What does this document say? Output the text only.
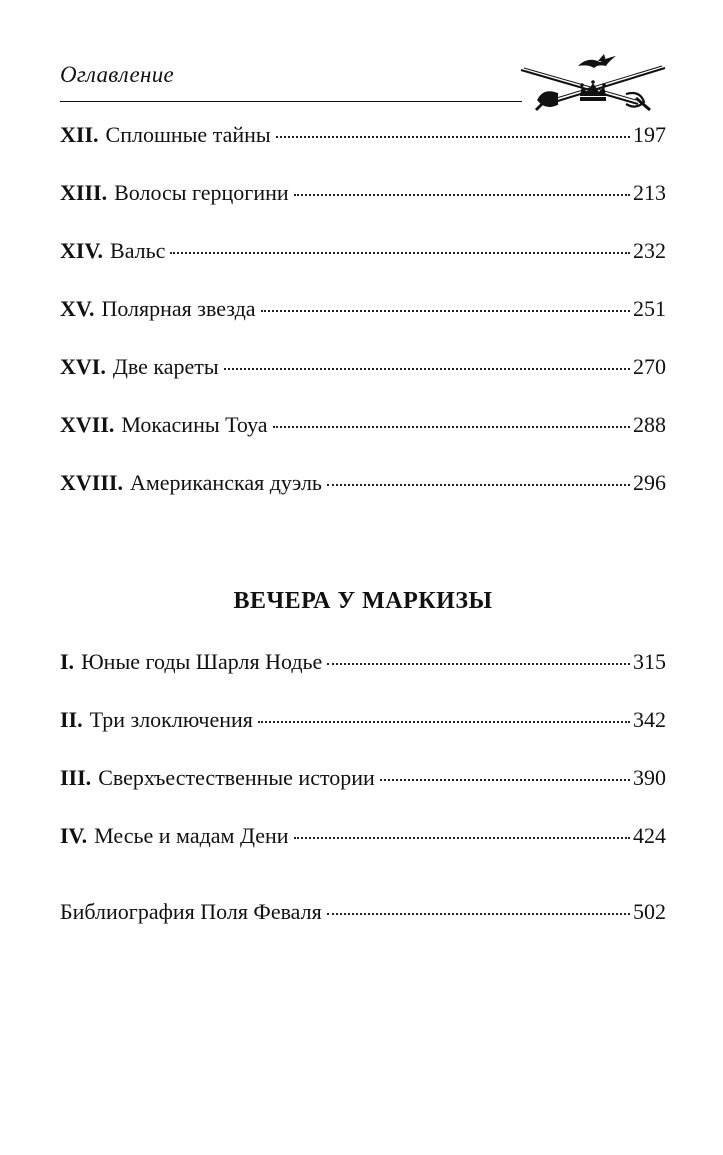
Оглавление
XII. Сплошные тайны	197
XIII. Волосы герцогини	213
XIV. Вальс	232
XV. Полярная звезда	251
XVI. Две кареты	270
XVII. Мокасины Тоуа	288
XVIII. Американская дуэль	296
ВЕЧЕРА У МАРКИЗЫ
I. Юные годы Шарля Нодье	315
II. Три злоключения	342
III. Сверхъестественные истории	390
IV. Месье и мадам Дени	424
Библиография Поля Феваля	502
